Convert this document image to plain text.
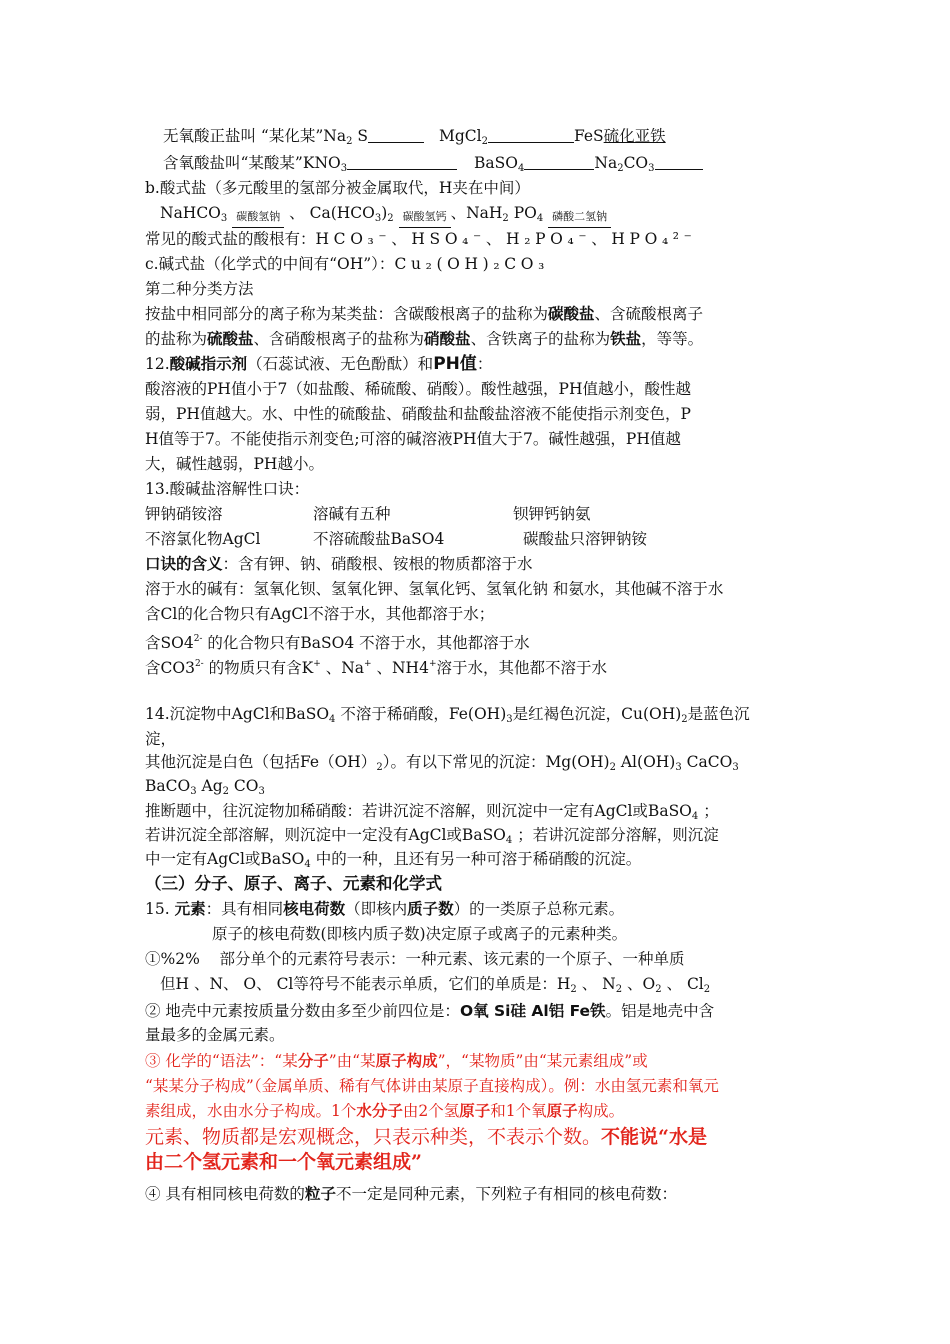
无氧酸正盐叫 “某化某$”Na_2$ S	MgCl$_2$	FeS硫化亚铁
含氧酸盐叫“某酸某$”KNO_3$	BaSO$_4$	$Na_2CO_3$
b.酸式盐（多元酸里的氢部分被金属取代，H夹在中间）
NaHCO$_3$ 碳酸氢钠 、 $Ca(HCO_3)_2$ 碳酸氢钙 、NaH$_2$ $PO_4$ 磷酸二氢钠
常见的酸式盐的酸根有：HCO₃⁻、HSO₄⁻、H₂PO₄⁻、HPO₄²⁻
c.碱式盐（化学式的中间有“OH”）：Cu₂(OH)₂CO₃
第二种分类方法
按盐中相同部分的离子称为某类盐：含碳酸根离子的盐称为碳酸盐、含硫酸根离子
的盐称为硫酸盐、含硝酸根离子的盐称为硝酸盐、含铁离子的盐称为铁盐，等等。
12.酸碱指示剂（石蕊试液、无色酚酞）和PH值：
酸溶液的PH值小于7（如盐酸、稀硫酸、硝酸）。酸性越强，PH值越小，酸性越
弱，PH值越大。水、中性的硫酸盐、硝酸盐和盐酸盐溶液不能使指示剂变色，P
H值等于7。不能使指示剂变色;可溶的碱溶液PH值大于7。碱性越强，PH值越
大，碱性越弱，PH越小。
13.酸碱盐溶解性口诀：
钾钠硝铵溶	溶碱有五种	钡钾钙钠氨
不溶氯化物AgCl	不溶硫酸盐BaSO4	碳酸盐只溶钾钠铵
口诀的含义：含有钾、钠、硝酸根、铵根的物质都溶于水
溶于水的碱有：氢氧化钡、氢氧化钾、氢氧化钙、氢氧化钠 和氨水，其他碱不溶于水
含Cl的化合物只有AgCl不溶于水，其他都溶于水；
含$SO4^{2-}$ 的化合物只有BaSO4 不溶于水，其他都溶于水
含$CO3^{2-}$ 的物质只有含K+ 、Na+ 、NH4+溶于水，其他都不溶于水
14.沉淀物中AgCl和BaSO$_4$ 不溶于稀硝酸，$Fe(OH)_3$是红褐色沉淀，$Cu(OH)_2$是蓝色沉
淀，
其他沉淀是白色（包括$Fe(OH)_2$）。有以下常见的沉淀：$Mg(OH)_2$ $Al(OH)_3$ CaCO$_3$
BaCO$_3$ $Ag_2$ $CO_3$
推断题中，往沉淀物加稀硝酸：若讲沉淀不溶解，则沉淀中一定有AgCl或BaSO$_4$ ；
若讲沉淀全部溶解，则沉淀中一定没有AgCl或BaSO$_4$ ；若讲沉淀部分溶解，则沉淀
中一定有AgCl或BaSO$_4$ 中的一种，且还有另一种可溶于稀硝酸的沉淀。
（三）分子、原子、离子、元素和化学式
15. 元素：具有相同核电荷数（即核内质子数）的一类原子总称元素。
原子的核电荷数(即核内质子数)决定原子或离子的元素种类。
①%2% 部分单个的元素符号表示：一种元素、该元素的一个原子、一种单质
但H 、N、 O、 Cl等符号不能表示单质，它们的单质是：$H_2$ 、 $N_2$ 、$O_2$ 、 $Cl_2$
② 地壳中元素按质量分数由多至少前四位是：O氧 Si硅 Al铝 Fe铁。铝是地壳中含
量最多的金属元素。
③ 化学的“语法”：“某分子”由“某原子构成”，“某物质”由“某元素组成”或
“某某分子构成”（金属单质、稀有气体讲由某原子直接构成）。例：水由氢元素和氧元
素组成，水由水分子构成。1个水分子由2个氢原子和1个氧原子构成。
元素、物质都是宏观概念，只表示种类，不表示个数。不能说“水是
由二个氢元素和一个氧元素组成”
④ 具有相同核电荷数的粒子不一定是同种元素，下列粒子有相同的核电荷数：
